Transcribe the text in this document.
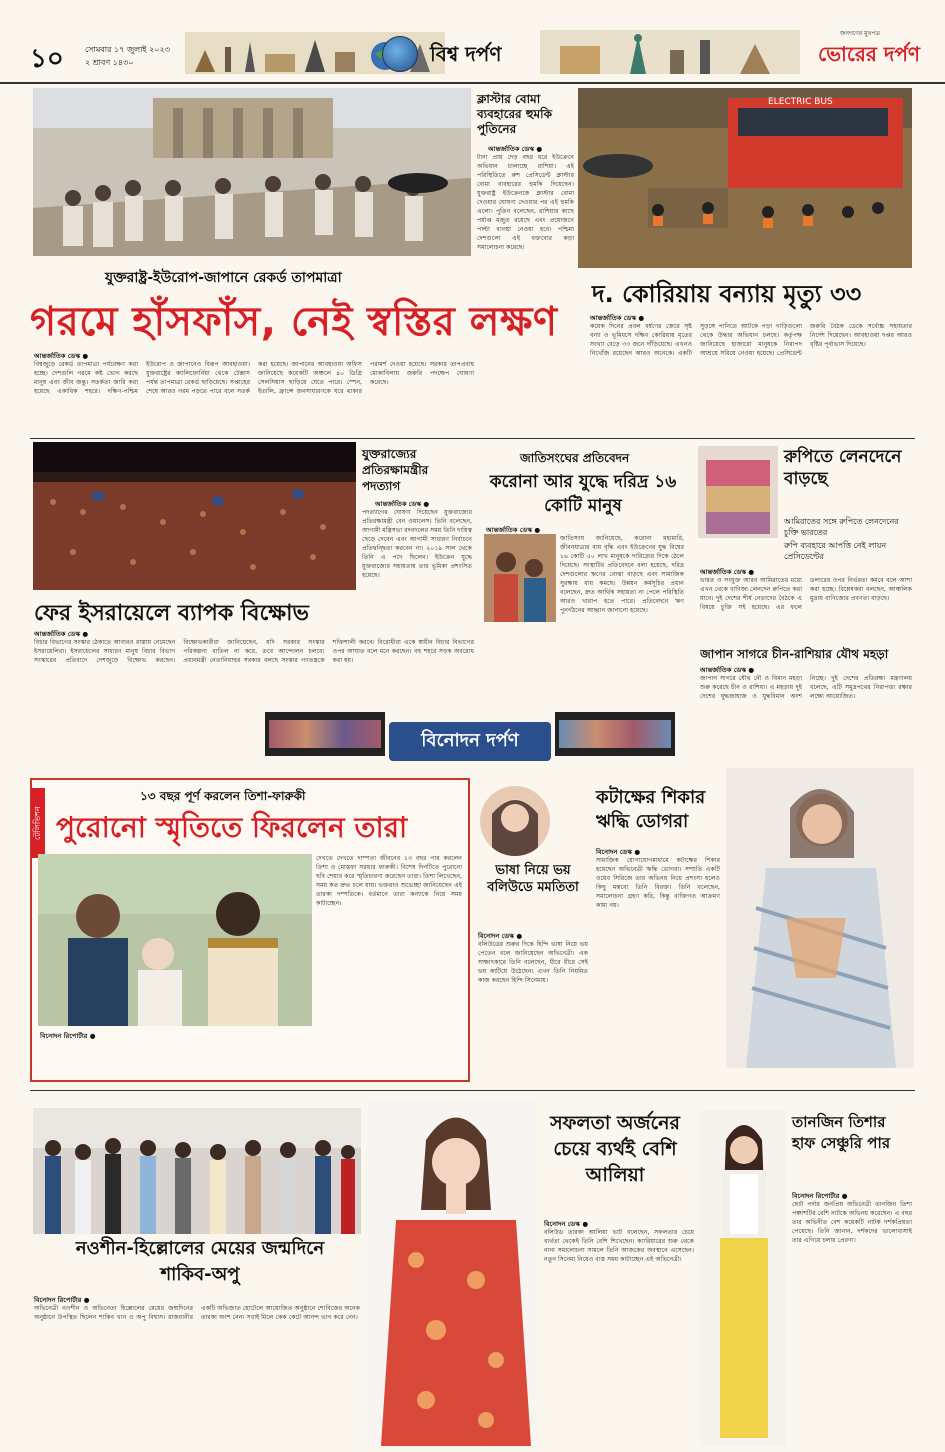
১০	সোমবার ১৭ জুলাই ২০২৩
২ শ্রাবণ ১৪৩০	বিশ্ব দর্পণ
জনগণের মুখপত্র
ভোরের দর্পণ
ক্লাস্টার বোমা ব্যবহারের হুমকি পুতিনের
আন্তর্জাতিক ডেস্ক ●
টানা প্রায় দেড় বছর ধরে ইউক্রেনে অভিযান চালাচ্ছে রাশিয়া। এই পরিস্থিতিতে রুশ প্রেসিডেন্ট ক্লাস্টার বোমা ব্যবহারের হুমকি দিয়েছেন। যুক্তরাষ্ট্র ইউক্রেনকে ক্লাস্টার বোমা দেওয়ার ঘোষণা দেওয়ার পর এই হুমকি এলো। পুতিন বলেছেন, রাশিয়ার কাছে পর্যাপ্ত মজুত রয়েছে এবং প্রয়োজনে পাল্টা ব্যবস্থা নেওয়া হবে। পশ্চিমা দেশগুলো এই বক্তব্যের কড়া সমালোচনা করেছে।
ELECTRIC BUS
যুক্তরাষ্ট্র-ইউরোপ-জাপানে রেকর্ড তাপমাত্রা
গরমে হাঁসফাঁস, নেই স্বস্তির লক্ষণ
আন্তর্জাতিক ডেস্ক ●
বিশ্বজুড়ে রেকর্ড তাপমাত্রা পর্যবেক্ষণ করা হচ্ছে। দেশগুলি গরমে কষ্ট ভোগ করছে মানুষ এবং জীব জন্তু। সতর্কতা জারি করা হয়েছে একাধিক শহরে। দক্ষিণ-পশ্চিম ইউরোপ ও জাপানেও বিরূপ আবহাওয়া। যুক্তরাষ্ট্রের ক্যালিফোর্নিয়া থেকে টেক্সাস পর্যন্ত তাপমাত্রা রেকর্ড ছাড়িয়েছে। সপ্তাহের শেষে আরও গরম পড়তে পারে বলে সতর্ক করা হয়েছে। জাপানের আবহাওয়া অফিস জানিয়েছে কয়েকটি অঞ্চলে ৪০ ডিগ্রি সেলসিয়াস ছাড়িয়ে যেতে পারে। স্পেন, ইতালি, ফ্রান্সে জনসাধারণকে ঘরে থাকার পরামর্শ দেওয়া হয়েছে। সরকার তাপপ্রবাহ মোকাবিলায় জরুরি পদক্ষেপ ঘোষণা করেছে।
দ. কোরিয়ায় বন্যায় মৃত্যু ৩৩
আন্তর্জাতিক ডেস্ক ●
কয়েক দিনের প্রবল বর্ষণের জেরে সৃষ্ট বন্যা ও ভূমিধসে দক্ষিণ কোরিয়ায় মৃতের সংখ্যা বেড়ে ৩৩ জনে দাঁড়িয়েছে। এখনও নিখোঁজ রয়েছেন আরও অনেকে। একটি সুড়ঙ্গে পানিতে আটকে পড়া গাড়িগুলো থেকে উদ্ধার অভিযান চলছে। কর্তৃপক্ষ জানিয়েছে হাজারো মানুষকে নিরাপদ আশ্রয়ে সরিয়ে নেওয়া হয়েছে। প্রেসিডেন্ট জরুরি বৈঠক ডেকে সর্বোচ্চ সহায়তার নির্দেশ দিয়েছেন। আবহাওয়া দপ্তর আরও বৃষ্টির পূর্বাভাস দিয়েছে।
যুক্তরাজ্যের প্রতিরক্ষামন্ত্রীর পদত্যাগ
আন্তর্জাতিক ডেস্ক ●
পদত্যাগের ঘোষণা দিয়েছেন যুক্তরাজ্যের প্রতিরক্ষামন্ত্রী বেন ওয়ালেস। তিনি বলেছেন, আগামী মন্ত্রিসভা রদবদলের সময় তিনি দায়িত্ব ছেড়ে দেবেন এবং আগামী সাধারণ নির্বাচনে প্রতিদ্বন্দ্বিতা করবেন না। ২০১৯ সাল থেকে তিনি এ পদে ছিলেন। ইউক্রেন যুদ্ধে যুক্তরাজ্যের সহায়তায় তার ভূমিকা প্রশংসিত হয়েছে।
ফের ইসরায়েলে ব্যাপক বিক্ষোভ
আন্তর্জাতিক ডেস্ক ●
বিচার বিভাগের সংস্কার ঠেকাতে আবারও রাস্তায় নেমেছেন ইসরায়েলিরা। ইসরায়েলের সাধারণ মানুষ বিচার বিভাগ সংস্কারের প্রতিবাদে দেশজুড়ে বিক্ষোভ করছেন। বিক্ষোভকারীরা জানিয়েছেন, যদি সরকার সংস্কার পরিকল্পনা বাতিল না করে, তবে আন্দোলন চলবে। প্রধানমন্ত্রী নেতানিয়াহুর সরকার বলছে সংস্কার গণতন্ত্রকে শক্তিশালী করবে। বিরোধীরা একে স্বাধীন বিচার বিভাগের ওপর আঘাত বলে মনে করছেন। বহু শহরে সড়ক অবরোধ করা হয়।
জাতিসংঘের প্রতিবেদন
করোনা আর যুদ্ধে দরিদ্র ১৬ কোটি মানুষ
আন্তর্জাতিক ডেস্ক ●
জাতিসংঘ জানিয়েছে, করোনা মহামারি, জীবনযাত্রার ব্যয় বৃদ্ধি এবং ইউক্রেনের যুদ্ধ বিশ্বের ১৬ কোটি ৫০ লাখ মানুষকে দারিদ্র্যের দিকে ঠেলে দিয়েছে। সংস্থাটির প্রতিবেদনে বলা হয়েছে, দরিদ্র দেশগুলোর ঋণের বোঝা বাড়ছে এবং সামাজিক সুরক্ষায় ব্যয় কমছে। উন্নয়ন কর্মসূচির প্রধান বলেছেন, দ্রুত আর্থিক সহায়তা না পেলে পরিস্থিতি আরও খারাপ হতে পারে। প্রতিবেদনে ঋণ পুনর্গঠনের আহ্বান জানানো হয়েছে।
রুপিতে লেনদেনে বাড়ছে
আমিরাতের সঙ্গে রুপিতে লেনদেনের চুক্তি ভারতের
রুপি ব্যবহারে আপত্তি নেই লায়ন প্রেসিডেন্টের
আন্তর্জাতিক ডেস্ক ●
ভারত ও সংযুক্ত আরব আমিরাতের মধ্যে এখন থেকে বাণিজ্য লেনদেন রুপিতে করা যাবে। দুই দেশের শীর্ষ নেতাদের বৈঠকে এ বিষয়ে চুক্তি সই হয়েছে। এর ফলে ডলারের ওপর নির্ভরতা কমবে বলে আশা করা হচ্ছে। বিশ্লেষকরা বলছেন, আঞ্চলিক মুদ্রায় বাণিজ্যের প্রবণতা বাড়ছে।
জাপান সাগরে চীন-রাশিয়ার যৌথ মহড়া
আন্তর্জাতিক ডেস্ক ●
জাপান সাগরে যৌথ নৌ ও বিমান মহড়া শুরু করেছে চীন ও রাশিয়া। এ মহড়ায় দুই দেশের যুদ্ধজাহাজ ও যুদ্ধবিমান অংশ নিচ্ছে। দুই দেশের প্রতিরক্ষা মন্ত্রণালয় বলেছে, এটি সমুদ্রপথের নিরাপত্তা রক্ষার লক্ষ্যে আয়োজিত।
বিনোদন দর্পণ
টেলিভিশন
১৩ বছর পূর্ণ করলেন তিশা-ফারুকী
পুরোনো স্মৃতিতে ফিরলেন তারা
দেখতে দেখতে দাম্পত্য জীবনের ১৩ বছর পার করলেন তিশা ও মোস্তফা সরয়ার ফারুকী। বিশেষ দিনটিতে পুরোনো ছবি শেয়ার করে স্মৃতিচারণা করেছেন তারা। তিশা লিখেছেন, সময় কত দ্রুত চলে যায়। ভক্তরাও শুভেচ্ছা জানিয়েছেন এই তারকা দম্পতিকে। বর্তমানে তারা কন্যাকে নিয়ে সময় কাটাচ্ছেন।
বিনোদন রিপোর্টার ●
ভাষা নিয়ে ভয় বলিউডে মমতিতা
বিনোদন ডেস্ক ●
বলিউডের শুরুর দিকে হিন্দি ভাষা নিয়ে ভয় পেতেন বলে জানিয়েছেন অভিনেত্রী। এক সাক্ষাৎকারে তিনি বলেছেন, ধীরে ধীরে সেই ভয় কাটিয়ে উঠেছেন। এখন তিনি নিয়মিত কাজ করছেন হিন্দি সিনেমায়।
কটাক্ষের শিকার ঋদ্ধি ডোগরা
বিনোদন ডেস্ক ●
সামাজিক যোগাযোগমাধ্যমে কটাক্ষের শিকার হয়েছেন অভিনেত্রী ঋদ্ধি ডোগরা। সম্প্রতি একটি ওয়েব সিরিজে তার অভিনয় নিয়ে প্রশংসা হলেও কিছু মন্তব্যে তিনি বিরক্ত। তিনি বলেছেন, সমালোচনা গ্রহণ করি, কিন্তু ব্যক্তিগত আক্রমণ কাম্য নয়।
নওশীন-হিল্লোলের মেয়ের জন্মদিনে শাকিব-অপু
বিনোদন রিপোর্টার ●
অভিনেত্রী নওশীন ও অভিনেতা হিল্লোলের মেয়ের জন্মদিনের অনুষ্ঠানে উপস্থিত ছিলেন শাকিব খান ও অপু বিশ্বাস। রাজধানীর একটি অভিজাত হোটেলে আয়োজিত অনুষ্ঠানে শোবিজের অনেক তারকা অংশ নেন। সবাই মিলে কেক কেটে আনন্দ ভাগ করে নেন।
সফলতা অর্জনের চেয়ে ব্যর্থই বেশি আলিয়া
বিনোদন ডেস্ক ●
বলিউড তারকা আলিয়া ভাট বলেছেন, সফলতার চেয়ে ব্যর্থতা থেকেই তিনি বেশি শিখেছেন। ক্যারিয়ারের শুরু থেকে নানা সমালোচনা সামলে তিনি আজকের অবস্থানে এসেছেন। নতুন সিনেমা নিয়েও ব্যস্ত সময় কাটাচ্ছেন এই অভিনেত্রী।
তানজিন তিশার হাফ সেঞ্চুরি পার
বিনোদন রিপোর্টার ●
ছোট পর্দার জনপ্রিয় অভিনেত্রী তানজিন তিশা পঞ্চাশটির বেশি নাটকে অভিনয় করেছেন। এ বছর তার অভিনীত বেশ কয়েকটি নাটক দর্শকপ্রিয়তা পেয়েছে। তিনি জানান, দর্শকদের ভালোবাসাই তার এগিয়ে চলার প্রেরণা।
